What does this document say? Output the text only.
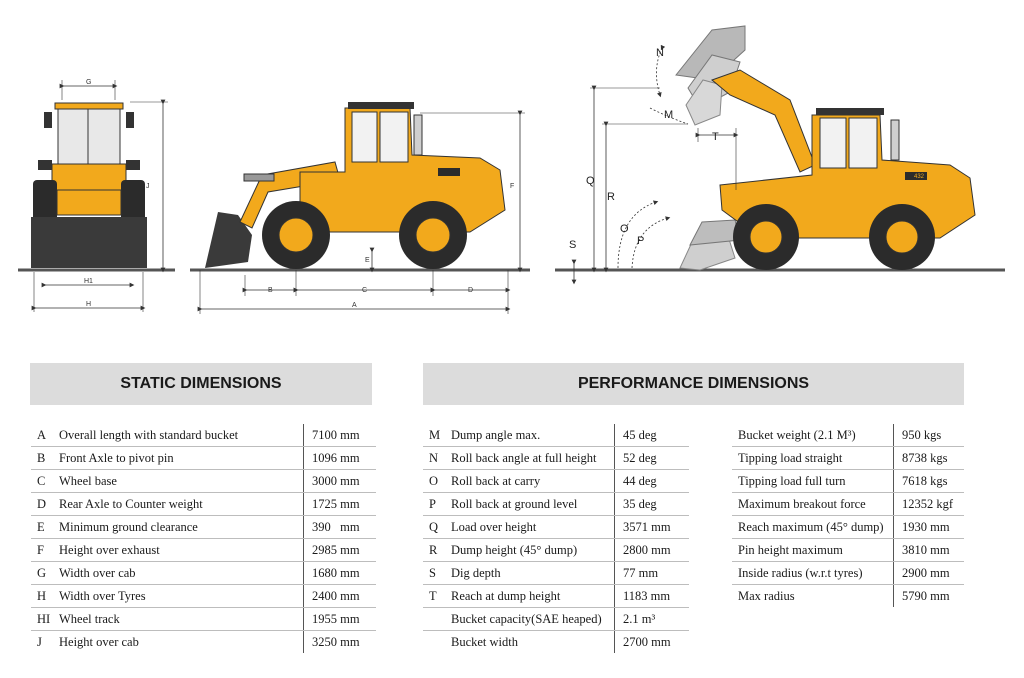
G
J
H1
H
F
E
B	C	D
A
432
Q
R
S
T
N
M
O
P
STATIC DIMENSIONS	PERFORMANCE DIMENSIONS
A	Overall length with standard bucket	7100 mm
B	Front Axle to pivot pin	1096 mm
C	Wheel base	3000 mm
D	Rear Axle to Counter weight	1725 mm
E	Minimum ground clearance	390   mm
F	Height over exhaust	2985 mm
G	Width over cab	1680 mm
H	Width over Tyres	2400 mm
HI	Wheel track	1955 mm
J	Height over cab	3250 mm
M	Dump angle max.	45 deg
N	Roll back angle at full height	52 deg
O	Roll back at carry	44 deg
P	Roll back at ground level	35 deg
Q	Load over height	3571 mm
R	Dump height (45° dump)	2800 mm
S	Dig depth	77 mm
T	Reach at dump height	1183 mm
	Bucket capacity(SAE heaped)	2.1 m³
	Bucket width	2700 mm
Bucket weight (2.1 M³)	950 kgs
Tipping load straight	8738 kgs
Tipping load full turn	7618 kgs
Maximum breakout force	12352 kgf
Reach maximum (45° dump)	1930 mm
Pin height maximum	3810 mm
Inside radius (w.r.t tyres)	2900 mm
Max radius	5790 mm
